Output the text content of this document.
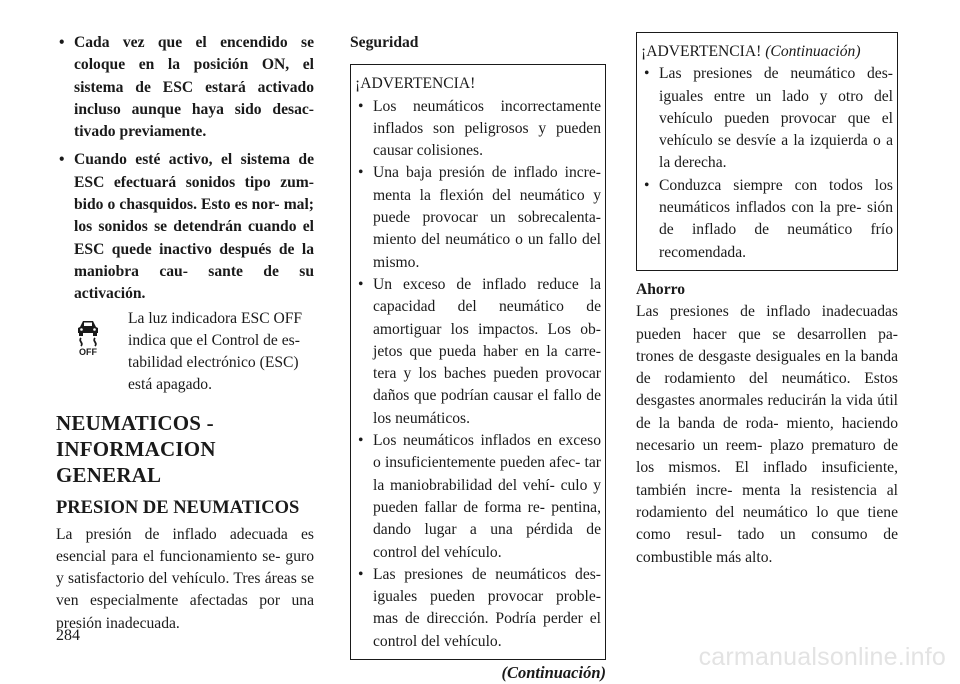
• Cada vez que el encendido se coloque en la posición ON, el sistema de ESC estará activado incluso aunque haya sido desac- tivado previamente.
• Cuando esté activo, el sistema de ESC efectuará sonidos tipo zum- bido o chasquidos. Esto es nor- mal; los sonidos se detendrán cuando el ESC quede inactivo después de la maniobra cau- sante de su activación.
OFF
La luz indicadora ESC OFF indica que el Control de es- tabilidad electrónico (ESC) está apagado.
NEUMATICOS - INFORMACION GENERAL
PRESION DE NEUMATICOS
La presión de inflado adecuada es esencial para el funcionamiento se- guro y satisfactorio del vehículo. Tres áreas se ven especialmente afectadas por una presión inadecuada.
Seguridad
¡ADVERTENCIA!
• Los neumáticos incorrectamente inflados son peligrosos y pueden causar colisiones.
• Una baja presión de inflado incre- menta la flexión del neumático y puede provocar un sobrecalenta- miento del neumático o un fallo del mismo.
• Un exceso de inflado reduce la capacidad del neumático de amortiguar los impactos. Los ob- jetos que pueda haber en la carre- tera y los baches pueden provocar daños que podrían causar el fallo de los neumáticos.
• Los neumáticos inflados en exceso o insuficientemente pueden afec- tar la maniobrabilidad del vehí- culo y pueden fallar de forma re- pentina, dando lugar a una pérdida de control del vehículo.
• Las presiones de neumáticos des- iguales pueden provocar proble- mas de dirección. Podría perder el control del vehículo.
(Continuación)
¡ADVERTENCIA! (Continuación)
• Las presiones de neumático des- iguales entre un lado y otro del vehículo pueden provocar que el vehículo se desvíe a la izquierda o a la derecha.
• Conduzca siempre con todos los neumáticos inflados con la pre- sión de inflado de neumático frío recomendada.
Ahorro
Las presiones de inflado inadecuadas pueden hacer que se desarrollen pa- trones de desgaste desiguales en la banda de rodamiento del neumático. Estos desgastes anormales reducirán la vida útil de la banda de roda- miento, haciendo necesario un reem- plazo prematuro de los mismos. El inflado insuficiente, también incre- menta la resistencia al rodamiento del neumático lo que tiene como resul- tado un consumo de combustible más alto.
284
carmanualsonline.info
